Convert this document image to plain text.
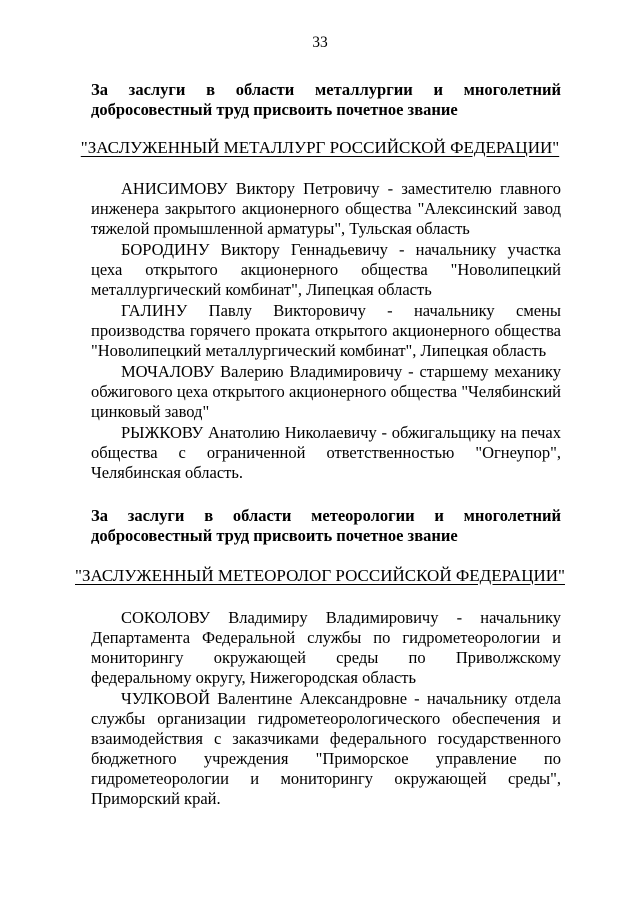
33
За заслуги в области металлургии и многолетний
добросовестный труд присвоить почетное звание
"ЗАСЛУЖЕННЫЙ МЕТАЛЛУРГ РОССИЙСКОЙ ФЕДЕРАЦИИ"
АНИСИМОВУ Виктору Петровичу - заместителю главного инженера закрытого акционерного общества "Алексинский завод тяжелой промышленной арматуры", Тульская область
БОРОДИНУ Виктору Геннадьевичу - начальнику участка цеха открытого акционерного общества "Новолипецкий металлургический комбинат", Липецкая область
ГАЛИНУ Павлу Викторовичу - начальнику смены производства горячего проката открытого акционерного общества "Новолипецкий металлургический комбинат", Липецкая область
МОЧАЛОВУ Валерию Владимировичу - старшему механику обжигового цеха открытого акционерного общества "Челябинский цинковый завод"
РЫЖКОВУ Анатолию Николаевичу - обжигальщику на печах общества с ограниченной ответственностью "Огнеупор", Челябинская область.
За заслуги в области метеорологии и многолетний
добросовестный труд присвоить почетное звание
"ЗАСЛУЖЕННЫЙ МЕТЕОРОЛОГ РОССИЙСКОЙ ФЕДЕРАЦИИ"
СОКОЛОВУ Владимиру Владимировичу - начальнику Департамента Федеральной службы по гидрометеорологии и мониторингу окружающей среды по Приволжскому федеральному округу, Нижегородская область
ЧУЛКОВОЙ Валентине Александровне - начальнику отдела службы организации гидрометеорологического обеспечения и взаимодействия с заказчиками федерального государственного бюджетного учреждения "Приморское управление по гидрометеорологии и мониторингу окружающей среды", Приморский край.
